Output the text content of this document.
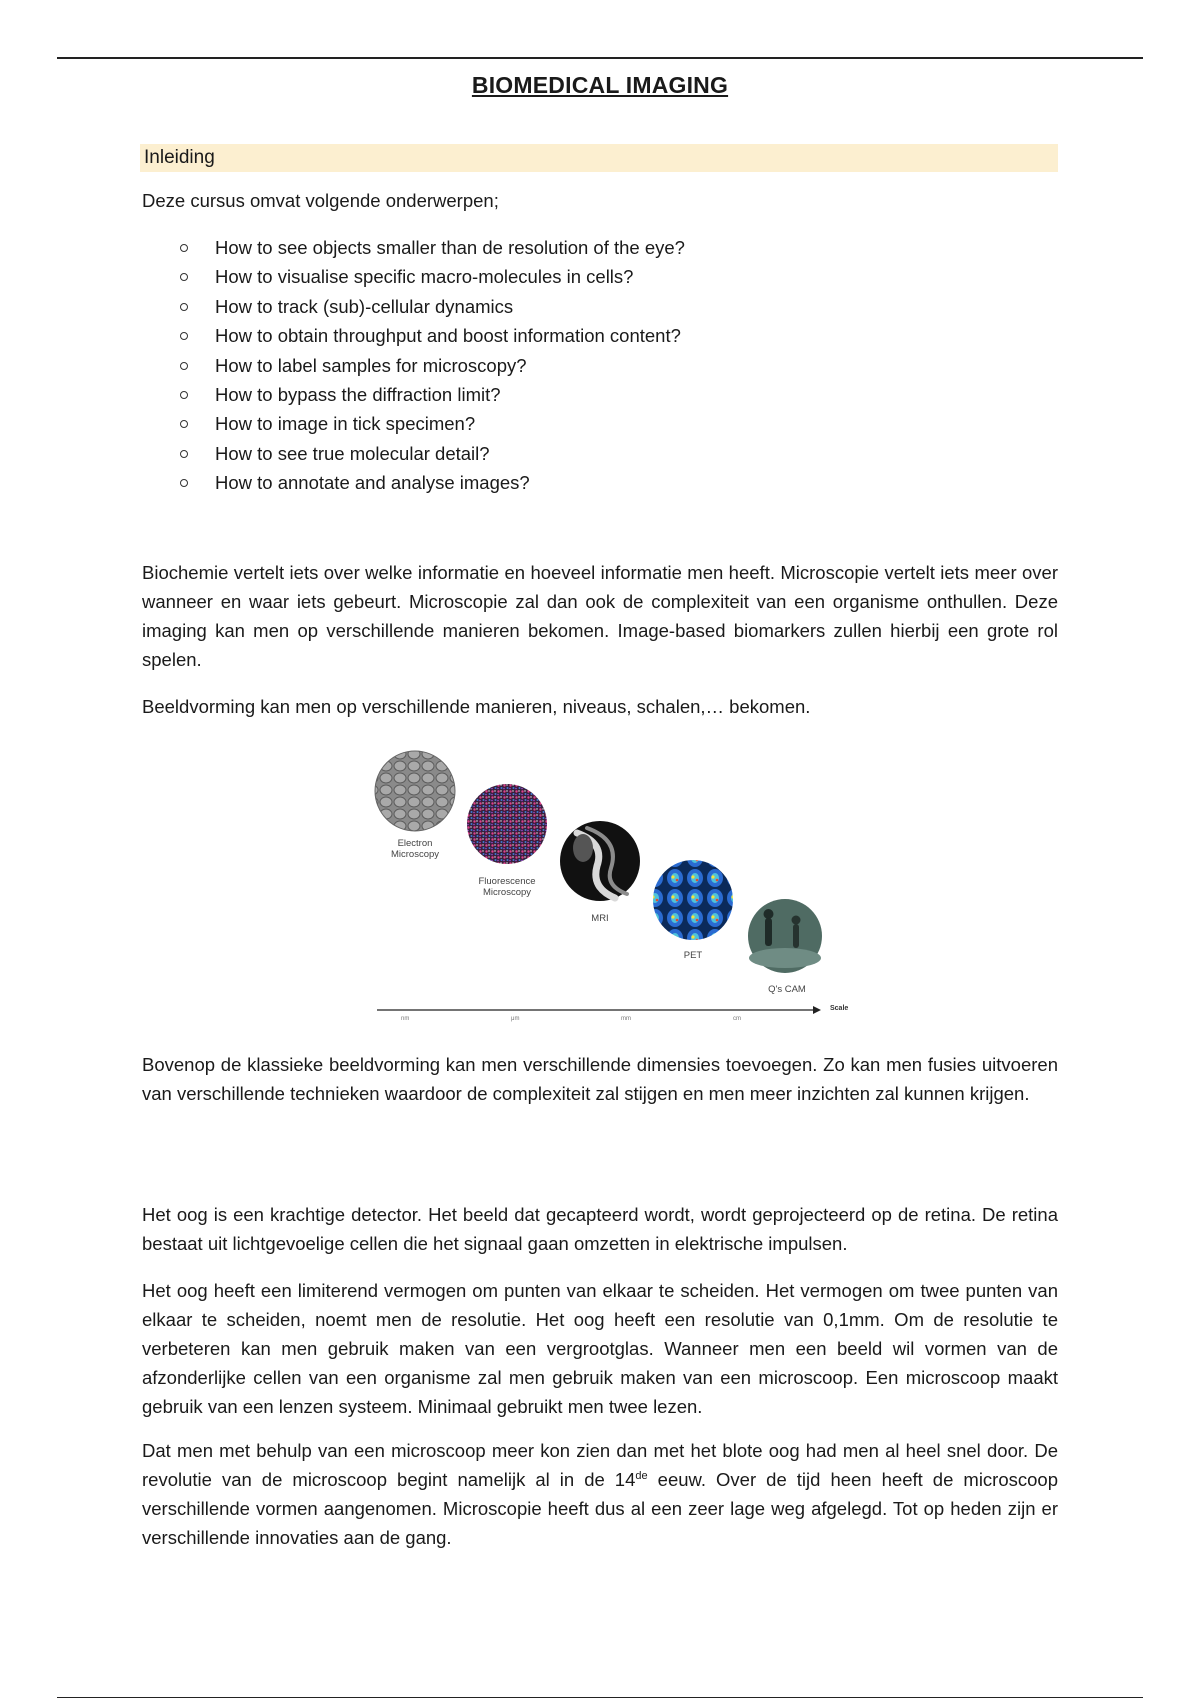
BIOMEDICAL IMAGING
Inleiding

Deze cursus omvat volgende onderwerpen;

How to see objects smaller than de resolution of the eye?
How to visualise specific macro-molecules in cells?
How to track (sub)-cellular dynamics
How to obtain throughput and boost information content?
How to label samples for microscopy?
How to bypass the diffraction limit?
How to image in tick specimen?
How to see true molecular detail?
How to annotate and analyse images?

Biochemie vertelt iets over welke informatie en hoeveel informatie men heeft. Microscopie vertelt iets meer over wanneer en waar iets gebeurt. Microscopie zal dan ook de complexiteit van een organisme onthullen. Deze imaging kan men op verschillende manieren bekomen. Image-based biomarkers zullen hierbij een grote rol spelen.

Beeldvorming kan men op verschillende manieren, niveaus, schalen,… bekomen.

Electron
Microscopy
Fluorescence
Microscopy
MRI
PET
Q's CAM
nm	μm	mm	cm
Scale

Bovenop de klassieke beeldvorming kan men verschillende dimensies toevoegen. Zo kan men fusies uitvoeren van verschillende technieken waardoor de complexiteit zal stijgen en men meer inzichten zal kunnen krijgen.

Het oog is een krachtige detector. Het beeld dat gecapteerd wordt, wordt geprojecteerd op de retina. De retina bestaat uit lichtgevoelige cellen die het signaal gaan omzetten in elektrische impulsen.

Het oog heeft een limiterend vermogen om punten van elkaar te scheiden. Het vermogen om twee punten van elkaar te scheiden, noemt men de resolutie. Het oog heeft een resolutie van 0,1mm. Om de resolutie te verbeteren kan men gebruik maken van een vergrootglas. Wanneer men een beeld wil vormen van de afzonderlijke cellen van een organisme zal men gebruik maken van een microscoop. Een microscoop maakt gebruik van een lenzen systeem. Minimaal gebruikt men twee lezen.

Dat men met behulp van een microscoop meer kon zien dan met het blote oog had men al heel snel door. De revolutie van de microscoop begint namelijk al in de 14de eeuw. Over de tijd heen heeft de microscoop verschillende vormen aangenomen. Microscopie heeft dus al een zeer lage weg afgelegd. Tot op heden zijn er verschillende innovaties aan de gang.
